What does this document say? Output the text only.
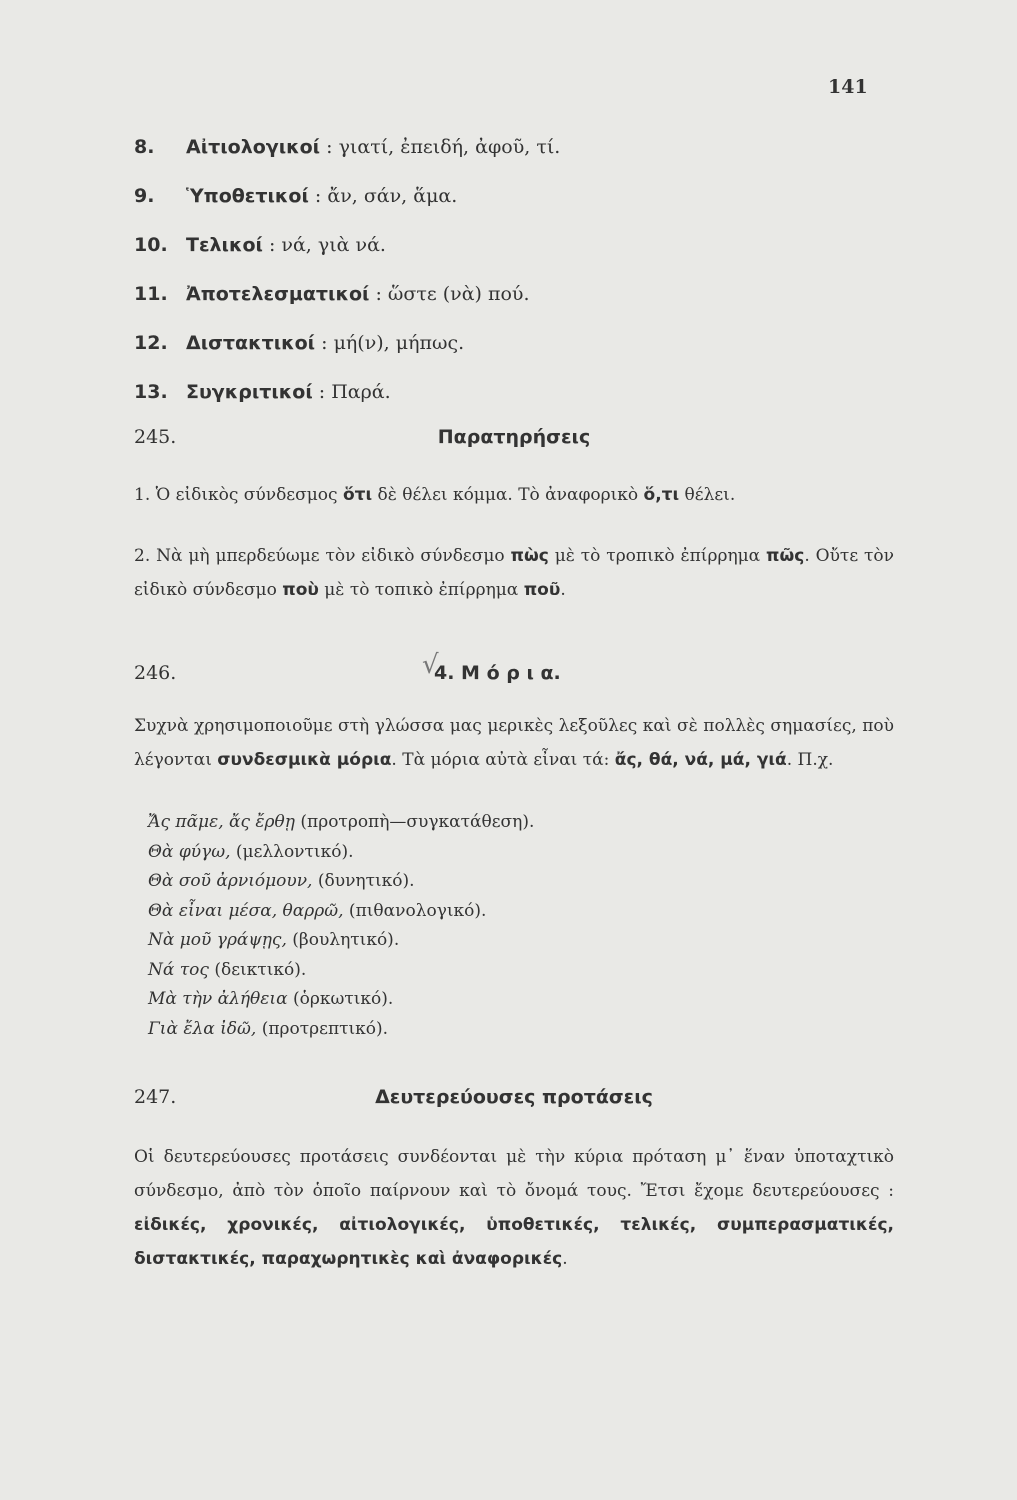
141
8. Αἰτιολογικοί : γιατί, ἐπειδή, ἀφοῦ, τί.
9. Ὑποθετικοί : ἄν, σάν, ἅμα.
10. Τελικοί : νά, γιὰ νά.
11. Ἀποτελεσματικοί : ὥστε (νὰ) πού.
12. Διστακτικοί : μή(ν), μήπως.
13. Συγκριτικοί : Παρά.
245.	Παρατηρήσεις
1. Ὁ εἰδικὸς σύνδεσμος ὅτι δὲ θέλει κόμμα. Τὸ ἀναφορικὸ ὅ,τι θέλει.
2. Νὰ μὴ μπερδεύωμε τὸν εἰδικὸ σύνδεσμο πὼς μὲ τὸ τροπικὸ ἐπίρρημα πῶς. Οὔτε τὸν εἰδικὸ σύνδεσμο ποὺ μὲ τὸ τοπικὸ ἐπίρρημα ποῦ.
√
246.	4. Μ ό ρ ι α.
Συχνὰ χρησιμοποιοῦμε στὴ γλώσσα μας μερικὲς λεξοῦλες καὶ σὲ πολλὲς σημασίες, ποὺ λέγονται συνδεσμικὰ μόρια. Τὰ μόρια αὐτὰ εἶναι τά: ἄς, θά, νά, μά, γιά. Π.χ.
Ἄς πᾶμε, ἄς ἔρθῃ (προτροπὴ—συγκατάθεση).
Θὰ φύγω, (μελλοντικό).
Θὰ σοῦ ἀρνιόμουν, (δυνητικό).
Θὰ εἶναι μέσα, θαρρῶ, (πιθανολογικό).
Νὰ μοῦ γράψῃς, (βουλητικό).
Νά τος (δεικτικό).
Μὰ τὴν ἀλήθεια (ὁρκωτικό).
Γιὰ ἔλα ἰδῶ, (προτρεπτικό).
247.	Δευτερεύουσες προτάσεις
Οἱ δευτερεύουσες προτάσεις συνδέονται μὲ τὴν κύρια πρόταση μ᾿ ἕναν ὑποταχτικὸ σύνδεσμο, ἀπὸ τὸν ὁποῖο παίρνουν καὶ τὸ ὄνομά τους. Ἔτσι ἔχομε δευτερεύουσες : εἰδικές, χρονικές, αἰτιολογικές, ὑποθετικές, τελικές, συμπερασματικές, διστακτικές, παραχωρητικὲς καὶ ἀναφορικές.
